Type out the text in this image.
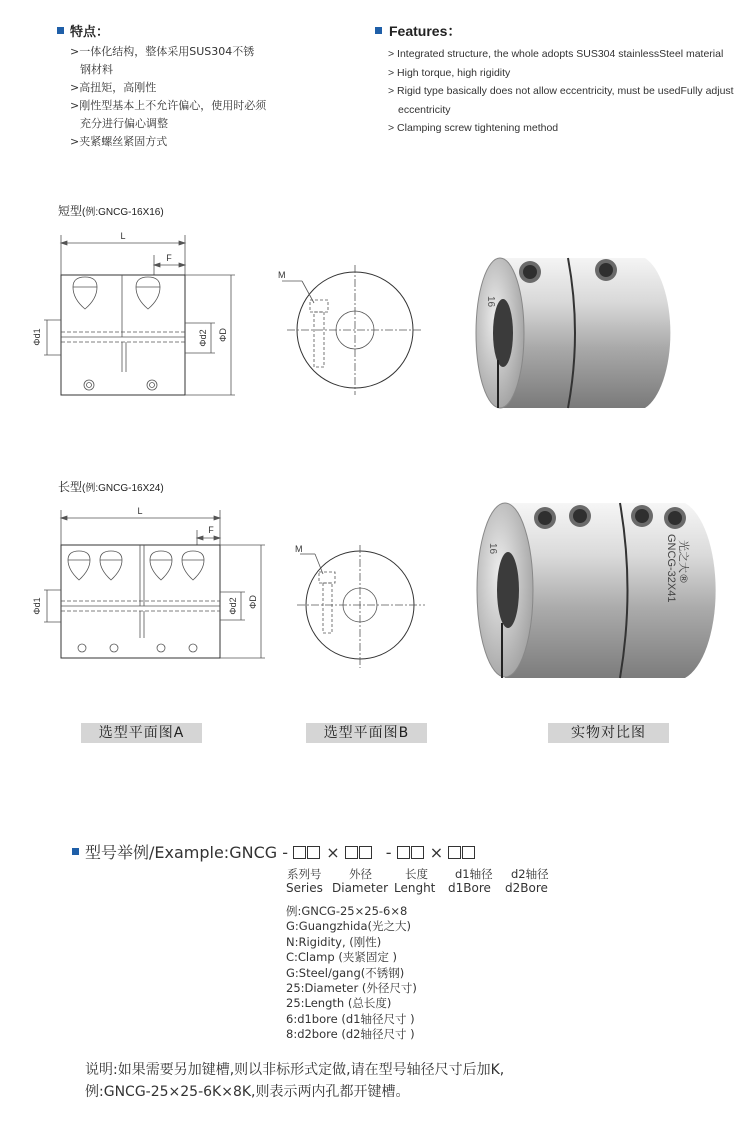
特点：
>一体化结构，整体采用SUS304不锈
钢材料
>高扭矩，高刚性
>刚性型基本上不允许偏心，使用时必须
充分进行偏心调整
>夹紧螺丝紧固方式
Features：
> Integrated structure, the whole adopts SUS304 stainlessSteel material
> High torque, high rigidity
> Rigid type basically does not allow eccentricity, must be usedFully adjust
eccentricity
> Clamping screw tightening method
短型(例:GNCG-16X16)
L
F
Φd1	Φd2 ΦD
M
16
长型(例:GNCG-16X24)
L
F
Φd1	Φd2 ΦD
M	16	光之大®
GNCG-32X41
选型平面图A	选型平面图B	实物对比图
型号举例/Example:GNCG - ×	- ×
系列号 外径	长度 d1轴径 d2轴径
Series Diameter Lenght d1Bore d2Bore
例:GNCG-25×25-6×8
G:Guangzhida(光之大)
N:Rigidity, (刚性)
C:Clamp (夹紧固定 )
G:Steel/gang(不锈钢)
25:Diameter (外径尺寸)
25:Length (总长度)
6:d1bore (d1轴径尺寸 )
8:d2bore (d2轴径尺寸 )
说明:如果需要另加键槽,则以非标形式定做,请在型号轴径尺寸后加K,
例:GNCG-25×25-6K×8K,则表示两内孔都开键槽。
